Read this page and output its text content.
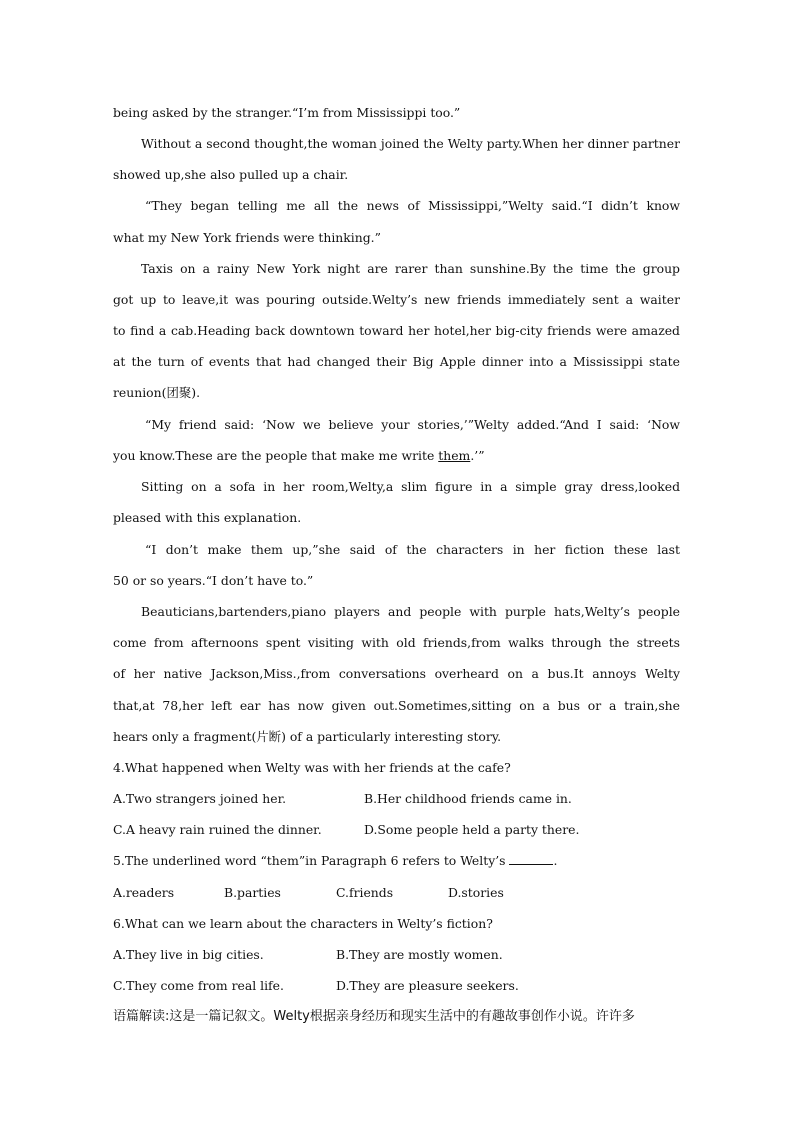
being asked by the stranger.“I’m from Mississippi too.”
Without a second thought,the woman joined the Welty party.When her dinner partner
showed up,she also pulled up a chair.
“They began telling me all the news of Mississippi,”Welty said.“I didn’t know
what my New York friends were thinking.”
Taxis on a rainy New York night are rarer than sunshine.By the time the group
got up to leave,it was pouring outside.Welty’s new friends immediately sent a waiter
to find a cab.Heading back downtown toward her hotel,her big-city friends were amazed
at the turn of events that had changed their Big Apple dinner into a Mississippi state
reunion(团聚).
“My friend said: ‘Now we believe your stories,’”Welty added.“And I said: ‘Now
you know.These are the people that make me write them.’”
Sitting on a sofa in her room,Welty,a slim figure in a simple gray dress,looked
pleased with this explanation.
“I don’t make them up,”she said of the characters in her fiction these last
50 or so years.“I don’t have to.”
Beauticians,bartenders,piano players and people with purple hats,Welty’s people
come from afternoons spent visiting with old friends,from walks through the streets
of her native Jackson,Miss.,from conversations overheard on a bus.It annoys Welty
that,at 78,her left ear has now given out.Sometimes,sitting on a bus or a train,she
hears only a fragment(片断) of a particularly interesting story.
4.What happened when Welty was with her friends at the cafe?
A.Two strangers joined her.	B.Her childhood friends came in.
C.A heavy rain ruined the dinner.	D.Some people held a party there.
5.The underlined word “them”in Paragraph 6 refers to Welty’s	.
A.readers	B.parties	C.friends	D.stories
6.What can we learn about the characters in Welty’s fiction?
A.They live in big cities.	B.They are mostly women.
C.They come from real life.	D.They are pleasure seekers.
语篇解读:这是一篇记叙文。Welty根据亲身经历和现实生活中的有趣故事创作小说。许许多
